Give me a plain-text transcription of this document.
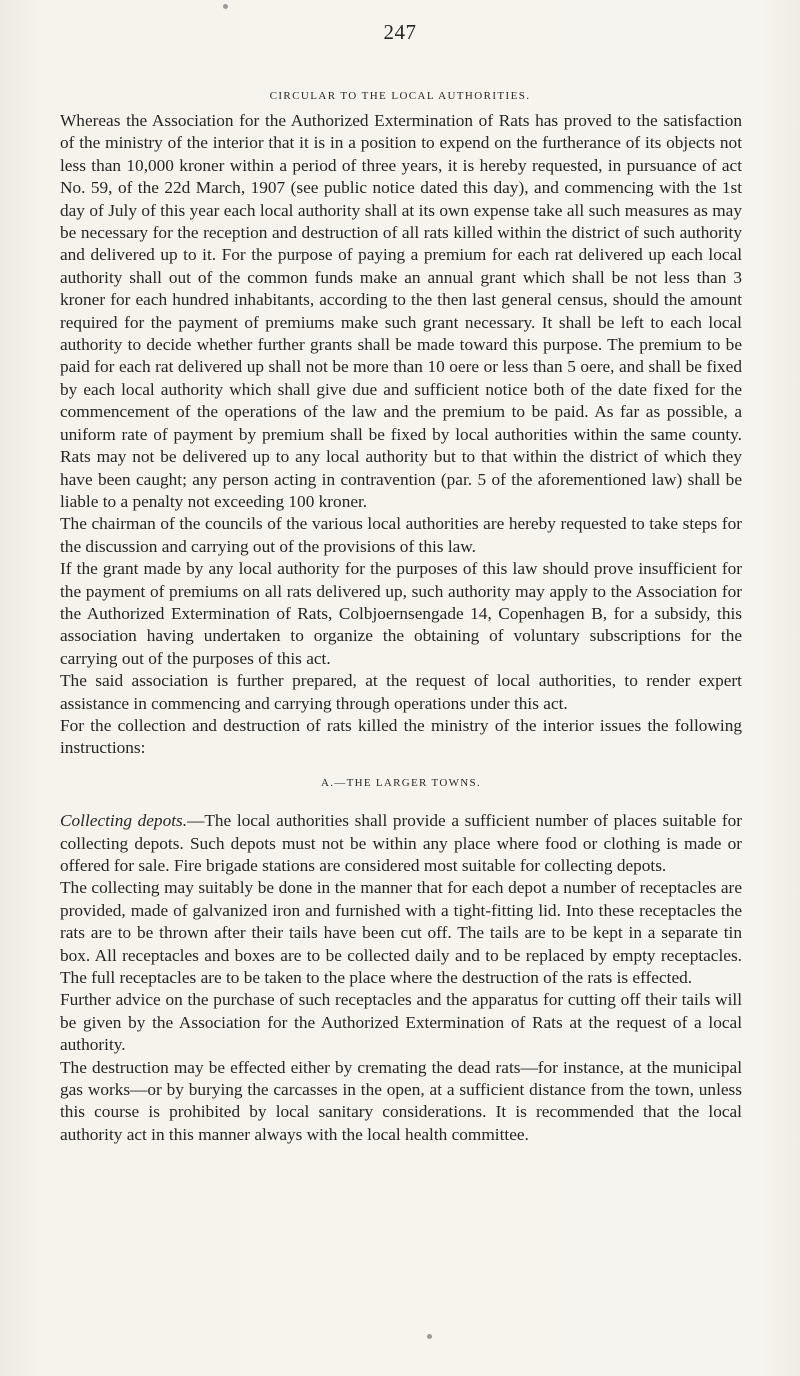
247
CIRCULAR TO THE LOCAL AUTHORITIES.

Whereas the Association for the Authorized Extermination of Rats has proved to the satisfaction of the ministry of the interior that it is in a position to expend on the furtherance of its objects not less than 10,000 kroner within a period of three years, it is hereby requested, in pursuance of act No. 59, of the 22d March, 1907 (see public notice dated this day), and commencing with the 1st day of July of this year each local authority shall at its own expense take all such measures as may be necessary for the reception and destruction of all rats killed within the district of such authority and delivered up to it. For the purpose of paying a premium for each rat delivered up each local authority shall out of the common funds make an annual grant which shall be not less than 3 kroner for each hundred inhabitants, according to the then last general census, should the amount required for the payment of premiums make such grant necessary. It shall be left to each local authority to decide whether further grants shall be made toward this purpose. The premium to be paid for each rat delivered up shall not be more than 10 oere or less than 5 oere, and shall be fixed by each local authority which shall give due and sufficient notice both of the date fixed for the commencement of the operations of the law and the premium to be paid. As far as possible, a uniform rate of payment by premium shall be fixed by local authorities within the same county. Rats may not be delivered up to any local authority but to that within the district of which they have been caught; any person acting in contravention (par. 5 of the aforementioned law) shall be liable to a penalty not exceeding 100 kroner.

The chairman of the councils of the various local authorities are hereby requested to take steps for the discussion and carrying out of the provisions of this law.

If the grant made by any local authority for the purposes of this law should prove insufficient for the payment of premiums on all rats delivered up, such authority may apply to the Association for the Authorized Extermination of Rats, Colbjoernsengade 14, Copenhagen B, for a subsidy, this association having undertaken to organize the obtaining of voluntary subscriptions for the carrying out of the purposes of this act.

The said association is further prepared, at the request of local authorities, to render expert assistance in commencing and carrying through operations under this act.

For the collection and destruction of rats killed the ministry of the interior issues the following instructions:

A.—THE LARGER TOWNS.

Collecting depots.—The local authorities shall provide a sufficient number of places suitable for collecting depots. Such depots must not be within any place where food or clothing is made or offered for sale. Fire brigade stations are considered most suitable for collecting depots.

The collecting may suitably be done in the manner that for each depot a number of receptacles are provided, made of galvanized iron and furnished with a tight-fitting lid. Into these receptacles the rats are to be thrown after their tails have been cut off. The tails are to be kept in a separate tin box. All receptacles and boxes are to be collected daily and to be replaced by empty receptacles. The full receptacles are to be taken to the place where the destruction of the rats is effected.

Further advice on the purchase of such receptacles and the apparatus for cutting off their tails will be given by the Association for the Authorized Extermination of Rats at the request of a local authority.

The destruction may be effected either by cremating the dead rats—for instance, at the municipal gas works—or by burying the carcasses in the open, at a sufficient distance from the town, unless this course is prohibited by local sanitary considerations. It is recommended that the local authority act in this manner always with the local health committee.
